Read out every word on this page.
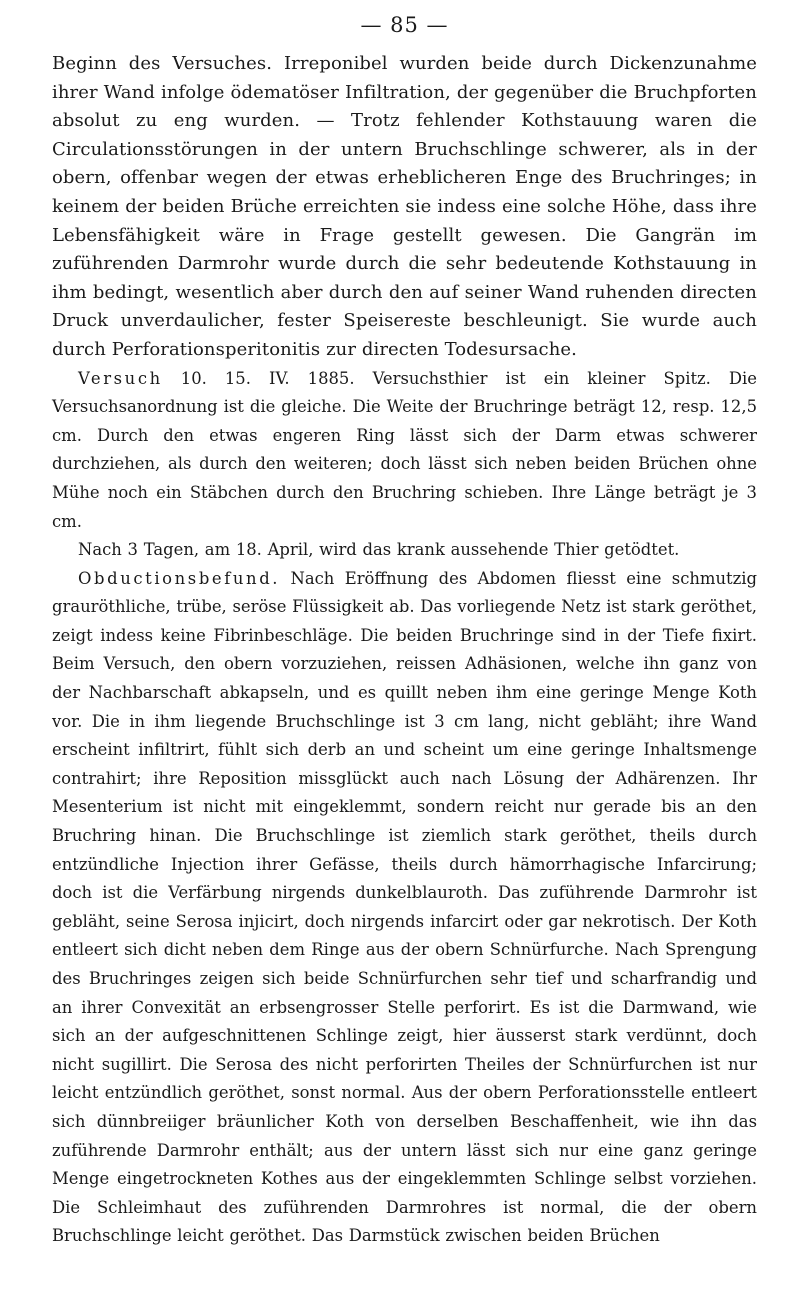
— 85 —

Beginn des Versuches. Irreponibel wurden beide durch Dickenzunahme ihrer Wand infolge ödematöser Infiltration, der gegenüber die Bruchpforten absolut zu eng wurden. — Trotz fehlender Kothstauung waren die Circulationsstörungen in der untern Bruchschlinge schwerer, als in der obern, offenbar wegen der etwas erheblicheren Enge des Bruchringes; in keinem der beiden Brüche erreichten sie indess eine solche Höhe, dass ihre Lebensfähigkeit wäre in Frage gestellt gewesen. Die Gangrän im zuführenden Darmrohr wurde durch die sehr bedeutende Kothstauung in ihm bedingt, wesentlich aber durch den auf seiner Wand ruhenden directen Druck unverdaulicher, fester Speisereste beschleunigt. Sie wurde auch durch Perforationsperitonitis zur directen Todesursache.

Versuch 10. 15. IV. 1885. Versuchsthier ist ein kleiner Spitz. Die Versuchsanordnung ist die gleiche. Die Weite der Bruchringe beträgt 12, resp. 12,5 cm. Durch den etwas engeren Ring lässt sich der Darm etwas schwerer durchziehen, als durch den weiteren; doch lässt sich neben beiden Brüchen ohne Mühe noch ein Stäbchen durch den Bruchring schieben. Ihre Länge beträgt je 3 cm.

Nach 3 Tagen, am 18. April, wird das krank aussehende Thier getödtet.

Obductionsbefund. Nach Eröffnung des Abdomen fliesst eine schmutzig grauröthliche, trübe, seröse Flüssigkeit ab. Das vorliegende Netz ist stark geröthet, zeigt indess keine Fibrinbeschläge. Die beiden Bruchringe sind in der Tiefe fixirt. Beim Versuch, den obern vorzuziehen, reissen Adhäsionen, welche ihn ganz von der Nachbarschaft abkapseln, und es quillt neben ihm eine geringe Menge Koth vor. Die in ihm liegende Bruchschlinge ist 3 cm lang, nicht gebläht; ihre Wand erscheint infiltrirt, fühlt sich derb an und scheint um eine geringe Inhaltsmenge contrahirt; ihre Reposition missglückt auch nach Lösung der Adhärenzen. Ihr Mesenterium ist nicht mit eingeklemmt, sondern reicht nur gerade bis an den Bruchring hinan. Die Bruchschlinge ist ziemlich stark geröthet, theils durch entzündliche Injection ihrer Gefässe, theils durch hämorrhagische Infarcirung; doch ist die Verfärbung nirgends dunkelblauroth. Das zuführende Darmrohr ist gebläht, seine Serosa injicirt, doch nirgends infarcirt oder gar nekrotisch. Der Koth entleert sich dicht neben dem Ringe aus der obern Schnürfurche. Nach Sprengung des Bruchringes zeigen sich beide Schnürfurchen sehr tief und scharfrandig und an ihrer Convexität an erbsengrosser Stelle perforirt. Es ist die Darmwand, wie sich an der aufgeschnittenen Schlinge zeigt, hier äusserst stark verdünnt, doch nicht sugillirt. Die Serosa des nicht perforirten Theiles der Schnürfurchen ist nur leicht entzündlich geröthet, sonst normal. Aus der obern Perforationsstelle entleert sich dünnbreiiger bräunlicher Koth von derselben Beschaffenheit, wie ihn das zuführende Darmrohr enthält; aus der untern lässt sich nur eine ganz geringe Menge eingetrockneten Kothes aus der eingeklemmten Schlinge selbst vorziehen. Die Schleimhaut des zuführenden Darmrohres ist normal, die der obern Bruchschlinge leicht geröthet. Das Darmstück zwischen beiden Brüchen
